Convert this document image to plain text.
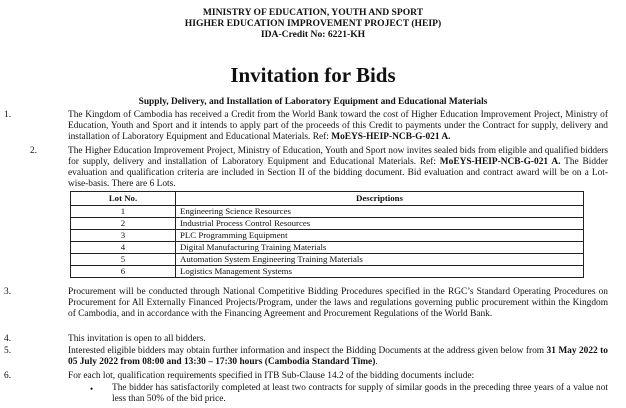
MINISTRY OF EDUCATION, YOUTH AND SPORT
HIGHER EDUCATION IMPROVEMENT PROJECT (HEIP)
IDA-Credit No: 6221-KH
Invitation for Bids
Supply, Delivery, and Installation of Laboratory Equipment and Educational Materials
1.	The Kingdom of Cambodia has received a Credit from the World Bank toward the cost of Higher Education Improvement Project, Ministry of Education, Youth and Sport and it intends to apply part of the proceeds of this Credit to payments under the Contract for supply, delivery and installation of Laboratory Equipment and Educational Materials. Ref: MoEYS-HEIP-NCB-G-021 A.
2.	The Higher Education Improvement Project, Ministry of Education, Youth and Sport now invites sealed bids from eligible and qualified bidders for supply, delivery and installation of Laboratory Equipment and Educational Materials. Ref: MoEYS-HEIP-NCB-G-021 A. The Bidder evaluation and qualification criteria are included in Section II of the bidding document. Bid evaluation and contract award will be on a Lot-wise-basis. There are 6 Lots.
Lot No.	Descriptions
1	Engineering Science Resources
2	Industrial Process Control Resources
3	PLC Programming Equipment
4	Digital Manufacturing Training Materials
5	Automation System Engineering Training Materials
6	Logistics Management Systems
3.	Procurement will be conducted through National Competitive Bidding Procedures specified in the RGC’s Standard Operating Procedures on Procurement for All Externally Financed Projects/Program, under the laws and regulations governing public procurement within the Kingdom of Cambodia, and in accordance with the Financing Agreement and Procurement Regulations of the World Bank.
4.	This invitation is open to all bidders.
5.	Interested eligible bidders may obtain further information and inspect the Bidding Documents at the address given below from 31 May 2022 to 05 July 2022 from 08:00 and 13:30 – 17:30 hours (Cambodia Standard Time).
6.	For each lot, qualification requirements specified in ITB Sub-Clause 14.2 of the bidding documents include:
• The bidder has satisfactorily completed at least two contracts for supply of similar goods in the preceding three years of a value not less than 50% of the bid price.
